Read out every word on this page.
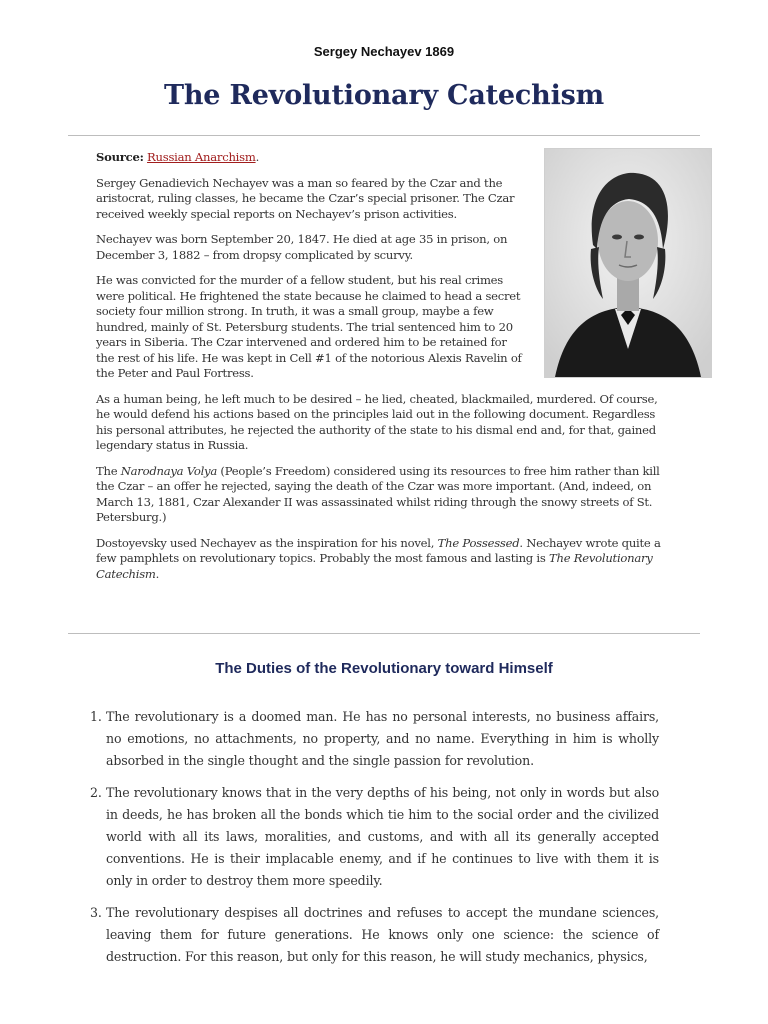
Sergey Nechayev 1869
The Revolutionary Catechism

Source: Russian Anarchism.

Sergey Genadievich Nechayev was a man so feared by the Czar and the aristocrat, ruling classes, he became the Czar’s special prisoner. The Czar received weekly special reports on Nechayev’s prison activities.

Nechayev was born September 20, 1847. He died at age 35 in prison, on December 3, 1882 – from dropsy complicated by scurvy.

He was convicted for the murder of a fellow student, but his real crimes were political. He frightened the state because he claimed to head a secret society four million strong. In truth, it was a small group, maybe a few hundred, mainly of St. Petersburg students. The trial sentenced him to 20 years in Siberia. The Czar intervened and ordered him to be retained for the rest of his life. He was kept in Cell #1 of the notorious Alexis Ravelin of the Peter and Paul Fortress.

As a human being, he left much to be desired – he lied, cheated, blackmailed, murdered. Of course, he would defend his actions based on the principles laid out in the following document. Regardless his personal attributes, he rejected the authority of the state to his dismal end and, for that, gained legendary status in Russia.

The Narodnaya Volya (People’s Freedom) considered using its resources to free him rather than kill the Czar – an offer he rejected, saying the death of the Czar was more important. (And, indeed, on March 13, 1881, Czar Alexander II was assassinated whilst riding through the snowy streets of St. Petersburg.)

Dostoyevsky used Nechayev as the inspiration for his novel, The Possessed. Nechayev wrote quite a few pamphlets on revolutionary topics. Probably the most famous and lasting is The Revolutionary Catechism.

The Duties of the Revolutionary toward Himself
1. The revolutionary is a doomed man. He has no personal interests, no business affairs, no emotions, no attachments, no property, and no name. Everything in him is wholly absorbed in the single thought and the single passion for revolution.
2. The revolutionary knows that in the very depths of his being, not only in words but also in deeds, he has broken all the bonds which tie him to the social order and the civilized world with all its laws, moralities, and customs, and with all its generally accepted conventions. He is their implacable enemy, and if he continues to live with them it is only in order to destroy them more speedily.
3. The revolutionary despises all doctrines and refuses to accept the mundane sciences, leaving them for future generations. He knows only one science: the science of destruction. For this reason, but only for this reason, he will study mechanics, physics,
